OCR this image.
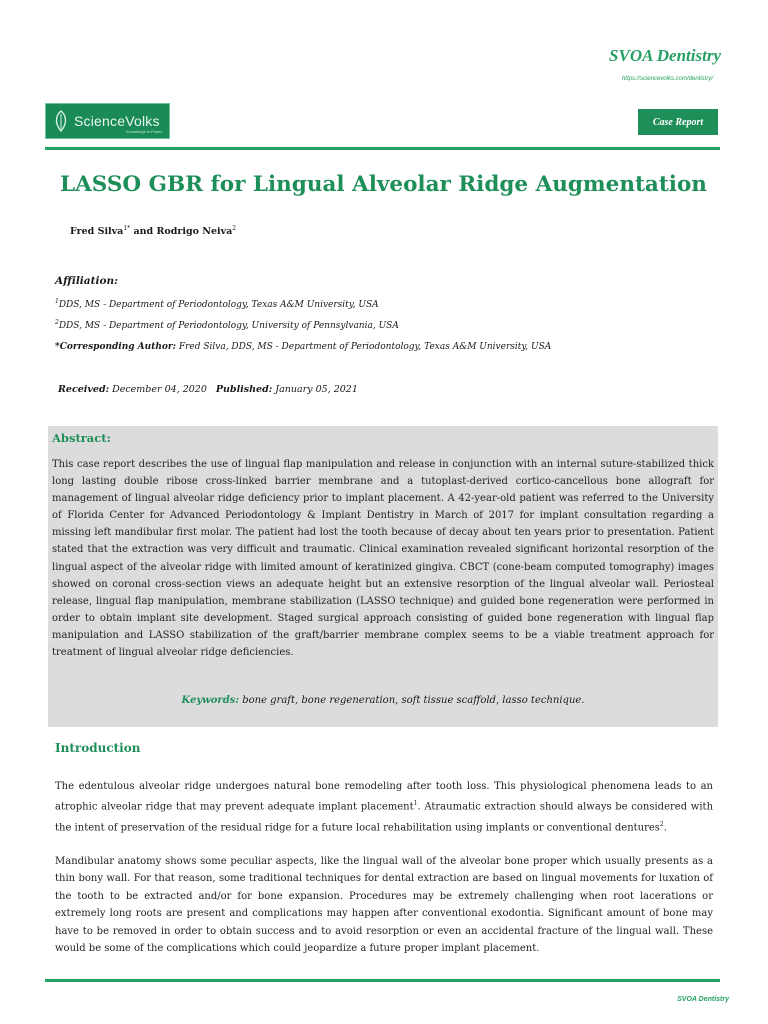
SVOA Dentistry
https://sciencevolks.com/dentistry/
ScienceVolks
Knowledge is Power
Case Report
LASSO GBR for Lingual Alveolar Ridge Augmentation
Fred Silva$^{1*}$ and Rodrigo Neiva$^2$
Affiliation:
$^1$DDS, MS - Department of Periodontology, Texas A&M University, USA
$^2$DDS, MS - Department of Periodontology, University of Pennsylvania, USA
*Corresponding Author: Fred Silva, DDS, MS - Department of Periodontology, Texas A&M University, USA
Received: December 04, 2020 Published: January 05, 2021
Abstract:

This case report describes the use of lingual flap manipulation and release in conjunction with an internal suture-stabilized thick long lasting double ribose cross-linked barrier membrane and a tutoplast-derived cortico-cancellous bone allograft for management of lingual alveolar ridge deficiency prior to implant placement. A 42-year-old patient was referred to the University of Florida Center for Advanced Periodontology & Implant Dentistry in March of 2017 for implant consultation regarding a missing left mandibular first molar. The patient had lost the tooth because of decay about ten years prior to presentation. Patient stated that the extraction was very difficult and traumatic. Clinical examination revealed significant horizontal resorption of the lingual aspect of the alveolar ridge with limited amount of keratinized gingiva. CBCT (cone-beam computed tomography) images showed on coronal cross-section views an adequate height but an extensive resorption of the lingual alveolar wall. Periosteal release, lingual flap manipulation, membrane stabilization (LASSO technique) and guided bone regeneration were performed in order to obtain implant site development. Staged surgical approach consisting of guided bone regeneration with lingual flap manipulation and LASSO stabilization of the graft/barrier membrane complex seems to be a viable treatment approach for treatment of lingual alveolar ridge deficiencies.

Keywords: bone graft, bone regeneration, soft tissue scaffold, lasso technique.
Introduction

The edentulous alveolar ridge undergoes natural bone remodeling after tooth loss. This physiological phenomena leads to an atrophic alveolar ridge that may prevent adequate implant placement$^1$. Atraumatic extraction should always be considered with the intent of preservation of the residual ridge for a future local rehabilitation using implants or conventional dentures$^2$.

Mandibular anatomy shows some peculiar aspects, like the lingual wall of the alveolar bone proper which usually presents as a thin bony wall. For that reason, some traditional techniques for dental extraction are based on lingual movements for luxation of the tooth to be extracted and/or for bone expansion. Procedures may be extremely challenging when root lacerations or extremely long roots are present and complications may happen after conventional exodontia. Significant amount of bone may have to be removed in order to obtain success and to avoid resorption or even an accidental fracture of the lingual wall. These would be some of the complications which could jeopardize a future proper implant placement.

SVOA Dentistry
